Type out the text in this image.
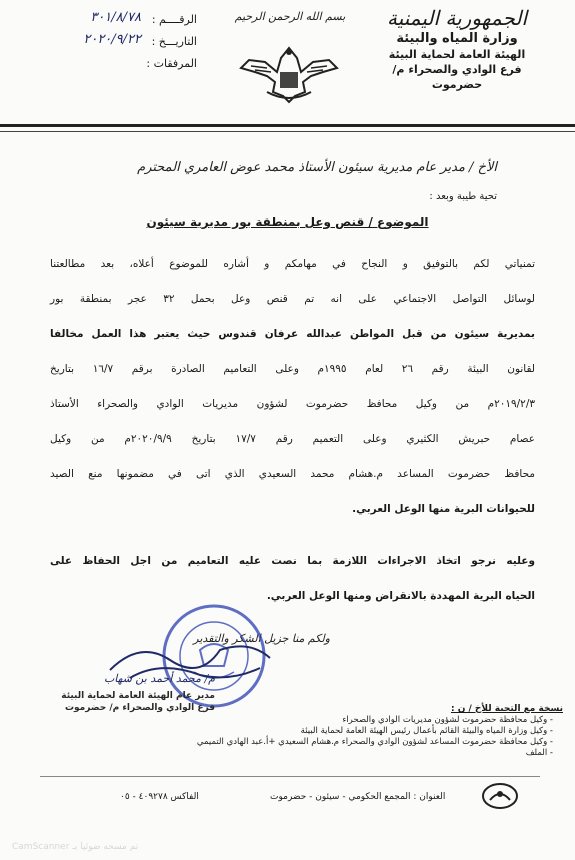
الجمهورية اليمنية
وزارة المياه والبيئة
الهيئة العامة لحماية البيئة
فرع الوادي والصحراء م/ حضرموت
بسم الله الرحمن الرحيم
الرقــــم :
٣٠١/٨/٧٨
التاريـــخ :
٢٠٢٠/٩/٢٢
المرفقات :
الأخ / مدير عام مديرية سيئون الأستاذ محمد عوض العامري المحترم
تحية طيبة وبعد :
الموضوع / قنص وعل بمنطقة بور مديرية سيئون
تمنياتي لكم بالتوفيق و النجاح في مهامكم و أشاره للموضوع أعلاه، بعد مطالعتنا
لوسائل التواصل الاجتماعي على انه تم قنص وعل بحمل ٣٢ عجر بمنطقة بور
بمديرية سيئون من قبل المواطن عبدالله عرفان قندوس حيث يعتبر هذا العمل مخالفا
لقانون البيئة رقم ٢٦ لعام ١٩٩٥م وعلى التعاميم الصادرة برقم ١٦/٧ بتاريخ
٢٠١٩/٢/٣م من وكيل محافظ حضرموت لشؤون مديريات الوادي والصحراء الأستاذ
عصام حبريش الكثيري وعلى التعميم رقم ١٧/٧ بتاريخ ٢٠٢٠/٩/٩م من وكيل
محافظ حضرموت المساعد م.هشام محمد السعيدي الذي اتى في مضمونها منع الصيد
للحيوانات البرية منها الوعل العربي.
وعليه نرجو اتخاذ الاجراءات اللازمة بما نصت عليه التعاميم من اجل الحفاظ على
الحياه البرية المهددة بالانقراض ومنها الوعل العربي.
ولكم منا جزيل الشكر والتقدير
م/ محمد أحمد بن شهاب
مدير عام الهيئة العامة لحماية البيئة
فرع الوادي والصحراء م/ حضرموت	نسخة مع التحية للأخ / ن :
- وكيل محافظة حضرموت لشؤون مديريات الوادي والصحراء
- وكيل وزارة المياه والبيئة القائم بأعمال رئيس الهيئة العامة لحماية البيئة
- وكيل محافظة حضرموت المساعد لشؤون الوادي والصحراء م.هشام السعيدي +أ.عبد الهادي التميمي
- الملف
العنوان : المجمع الحكومي - سيئون - حضرموت
الفاكس ٤٠٩٢٧٨ - ٠٥
CamScanner تم مسحه ضوئيا بـ
